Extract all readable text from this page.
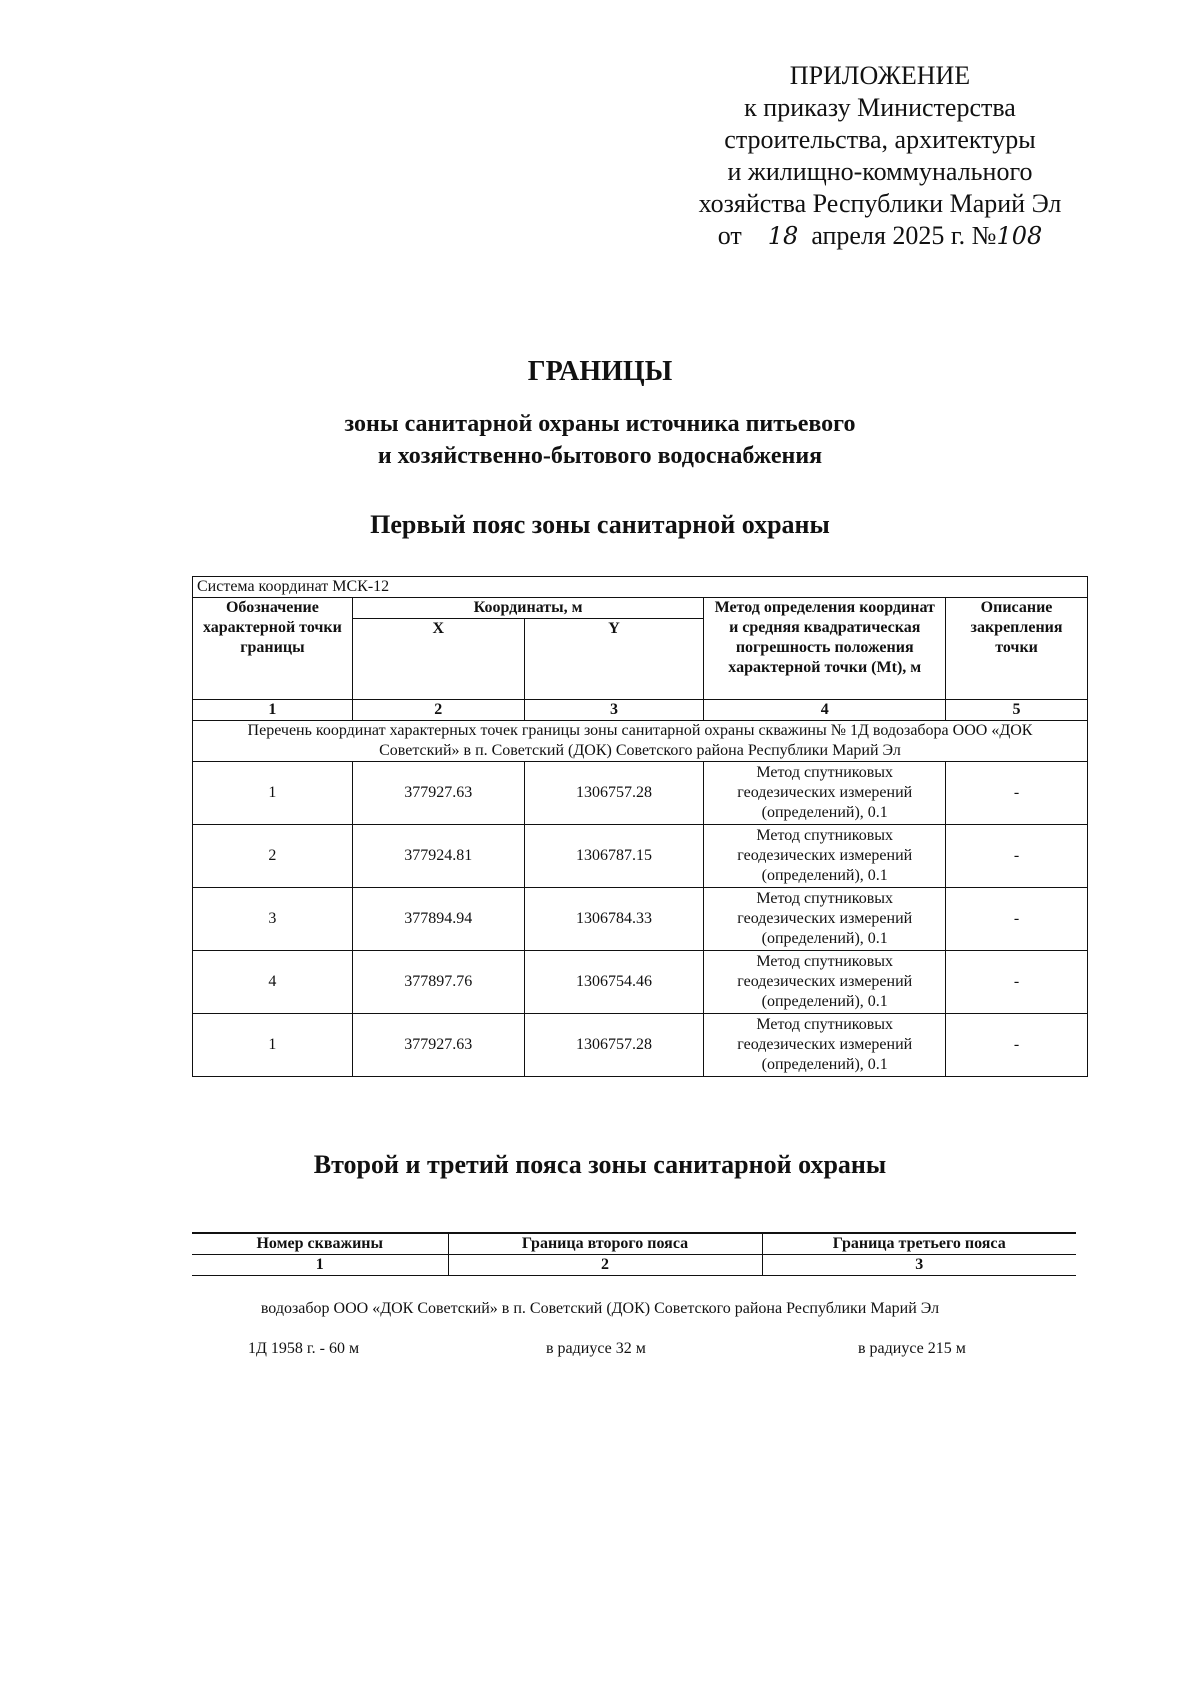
ПРИЛОЖЕНИЕ
к приказу Министерства
строительства, архитектуры
и жилищно-коммунального
хозяйства Республики Марий Эл
от 18 апреля 2025 г. №108
ГРАНИЦЫ
зоны санитарной охраны источника питьевого
и хозяйственно-бытового водоснабжения
Первый пояс зоны санитарной охраны
Система координат МСК-12				
Обозначение характерной точки границы	Координаты, м		Метод определения координат и средняя квадратическая погрешность положения характерной точки (Mt), м	Описание закрепления точки
	X	Y		
1	2	3	4	5
Перечень координат характерных точек границы зоны санитарной охраны скважины № 1Д водозабора ООО «ДОК Советский» в п. Советский (ДОК) Советского района Республики Марий Эл				
1	377927.63	1306757.28	Метод спутниковых геодезических измерений (определений), 0.1	-
2	377924.81	1306787.15	Метод спутниковых геодезических измерений (определений), 0.1	-
3	377894.94	1306784.33	Метод спутниковых геодезических измерений (определений), 0.1	-
4	377897.76	1306754.46	Метод спутниковых геодезических измерений (определений), 0.1	-
1	377927.63	1306757.28	Метод спутниковых геодезических измерений (определений), 0.1	-
Второй и третий пояса зоны санитарной охраны
Номер скважины	Граница второго пояса	Граница третьего пояса
1	2	3
водозабор ООО «ДОК Советский» в п. Советский (ДОК) Советского района Республики Марий Эл
1Д 1958 г. - 60 м	в радиусе 32 м	в радиусе 215 м
